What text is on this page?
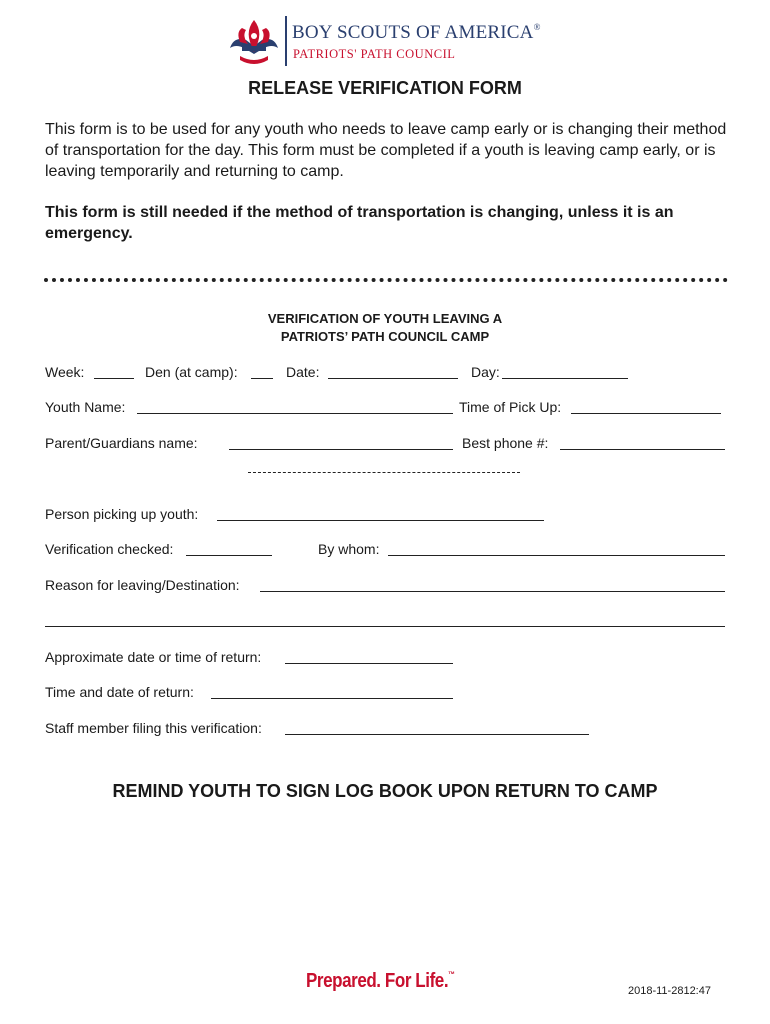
BOY SCOUTS OF AMERICA®
PATRIOTS' PATH COUNCIL
RELEASE VERIFICATION FORM
This form is to be used for any youth who needs to leave camp early or is changing their method of transportation for the day. This form must be completed if a youth is leaving camp early, or is leaving temporarily and returning to camp.
This form is still needed if the method of transportation is changing, unless it is an emergency.
VERIFICATION OF YOUTH LEAVING A
PATRIOTS’ PATH COUNCIL CAMP
Week:	Den (at camp):	Date:	Day:
Youth Name:	Time of Pick Up:
Parent/Guardians name:	Best phone #:
Person picking up youth:
Verification checked:	By whom:
Reason for leaving/Destination:
Approximate date or time of return:
Time and date of return:
Staff member filing this verification:
REMIND YOUTH TO SIGN LOG BOOK UPON RETURN TO CAMP
Prepared. For Life.™
2018-11-2812:47
